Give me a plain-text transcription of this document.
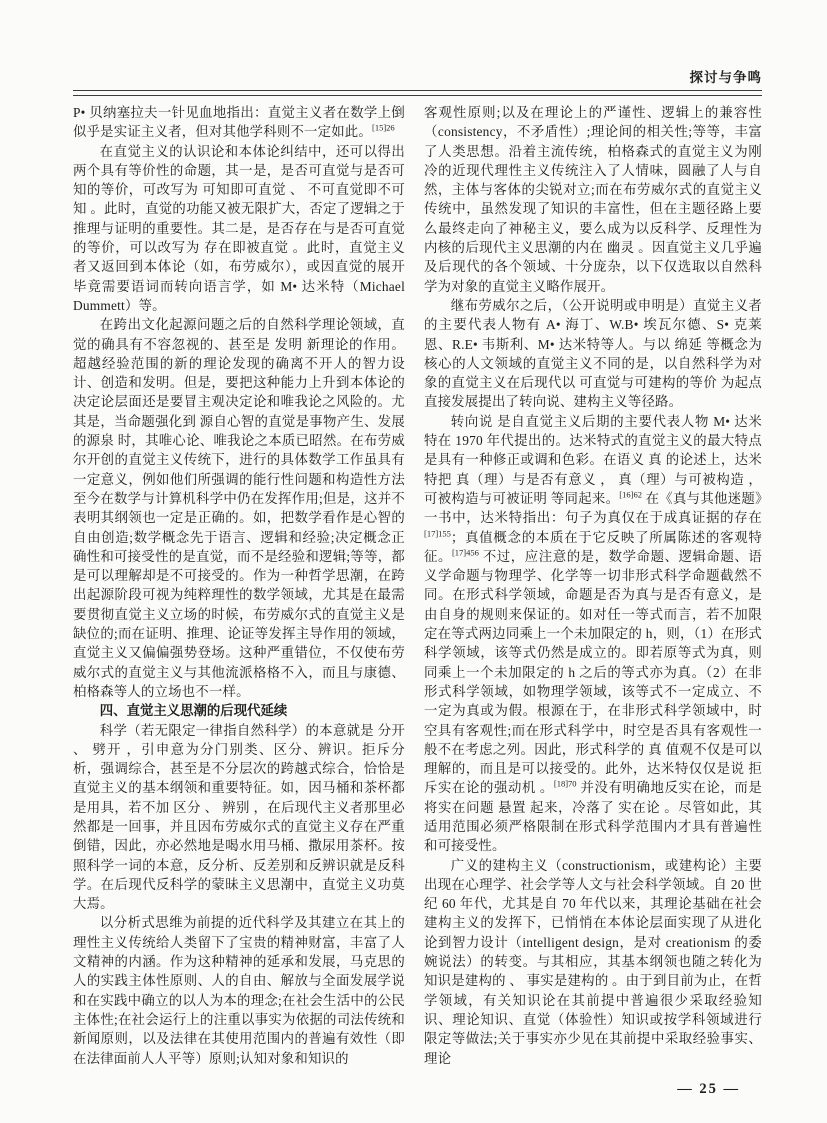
探讨与争鸣

P• 贝纳塞拉夫一针见血地指出：直觉主义者在数学上倒似乎是实证主义者，但对其他学科则不一定如此。$^{[15]26}$

在直觉主义的认识论和本体论纠结中，还可以得出两个具有等价性的命题，其一是，是否可直觉与是否可知的等价，可改写为 可知即可直觉 、 不可直觉即不可知 。此时，直觉的功能又被无限扩大，否定了逻辑之于推理与证明的重要性。其二是，是否存在与是否可直觉的等价，可以改写为 存在即被直觉 。此时，直觉主义者又返回到本体论（如，布劳威尔），或因直觉的展开毕竟需要语词而转向语言学，如 M• 达米特（Michael Dummett）等。

在跨出文化起源问题之后的自然科学理论领域，直觉的确具有不容忽视的、甚至是 发明 新理论的作用。超越经验范围的新的理论发现的确离不开人的智力设计、创造和发明。但是，要把这种能力上升到本体论的决定论层面还是要冒主观决定论和唯我论之风险的。尤其是，当命题强化到 源自心智的直觉是事物产生、发展的源泉 时，其唯心论、唯我论之本质已昭然。在布劳威尔开创的直觉主义传统下，进行的具体数学工作虽具有一定意义，例如他们所强调的能行性问题和构造性方法至今在数学与计算机科学中仍在发挥作用;但是，这并不表明其纲领也一定是正确的。如，把数学看作是心智的自由创造;数学概念先于语言、逻辑和经验;决定概念正确性和可接受性的是直觉，而不是经验和逻辑;等等，都是可以理解却是不可接受的。作为一种哲学思潮，在跨出起源阶段可视为纯粹理性的数学领域，尤其是在最需要贯彻直觉主义立场的时候，布劳威尔式的直觉主义是缺位的;而在证明、推理、论证等发挥主导作用的领域，直觉主义又偏偏强势登场。这种严重错位，不仅使布劳威尔式的直觉主义与其他流派格格不入，而且与康德、柏格森等人的立场也不一样。

四、直觉主义思潮的后现代延续

科学（若无限定一律指自然科学）的本意就是 分开 、 劈开 ，引申意为分门别类、区分、辨识。拒斥分析，强调综合，甚至是不分层次的跨越式综合，恰恰是直觉主义的基本纲领和重要特征。如，因马桶和茶杯都是用具，若不加 区分 、 辨别 ，在后现代主义者那里必然都是一回事，并且因布劳威尔式的直觉主义存在严重倒错，因此，亦必然地是喝水用马桶、撒尿用茶杯。按照科学一词的本意，反分析、反差别和反辨识就是反科学。在后现代反科学的蒙昧主义思潮中，直觉主义功莫大焉。

以分析式思维为前提的近代科学及其建立在其上的理性主义传统给人类留下了宝贵的精神财富，丰富了人文精神的内涵。作为这种精神的延承和发展，马克思的人的实践主体性原则、人的自由、解放与全面发展学说和在实践中确立的以人为本的理念;在社会生活中的公民主体性;在社会运行上的注重以事实为依据的司法传统和新闻原则，以及法律在其使用范围内的普遍有效性（即在法律面前人人平等）原则;认知对象和知识的

客观性原则;以及在理论上的严谨性、逻辑上的兼容性（consistency，不矛盾性）;理论间的相关性;等等，丰富了人类思想。沿着主流传统，柏格森式的直觉主义为刚冷的近现代理性主义传统注入了人情味，圆融了人与自然，主体与客体的尖锐对立;而在布劳威尔式的直觉主义传统中，虽然发现了知识的丰富性，但在主题径路上要么最终走向了神秘主义，要么成为以反科学、反理性为内核的后现代主义思潮的内在 幽灵 。因直觉主义几乎遍及后现代的各个领域、十分庞杂，以下仅选取以自然科学为对象的直觉主义略作展开。

继布劳威尔之后，（公开说明或申明是）直觉主义者的主要代表人物有 A• 海丁、W.B• 埃瓦尔德、S• 克莱恩、R.E• 韦斯利、M• 达米特等人。与以 绵延 等概念为核心的人文领域的直觉主义不同的是，以自然科学为对象的直觉主义在后现代以 可直觉与可建构的等价 为起点直接发展提出了转向说、建构主义等径路。

转向说 是自直觉主义后期的主要代表人物 M• 达米特在 1970 年代提出的。达米特式的直觉主义的最大特点是具有一种修正或调和色彩。在语义 真 的论述上，达米特把 真（理）与是否有意义 ， 真（理）与可被构造 ， 可被构造与可被证明 等同起来。$^{[16]62}$ 在《真与其他迷题》一书中，达米特指出：句子为真仅在于成真证据的存在 $^{[17]155}$；真值概念的本质在于它反映了所属陈述的客观特征。$^{[17]456}$ 不过，应注意的是，数学命题、逻辑命题、语义学命题与物理学、化学等一切非形式科学命题截然不同。在形式科学领域，命题是否为真与是否有意义，是由自身的规则来保证的。如对任一等式而言，若不加限定在等式两边同乘上一个未加限定的 h，则，（1）在形式科学领域，该等式仍然是成立的。即若原等式为真，则同乘上一个未加限定的 h 之后的等式亦为真。（2）在非形式科学领域，如物理学领域，该等式不一定成立、不一定为真或为假。根源在于，在非形式科学领域中，时空具有客观性;而在形式科学中，时空是否具有客观性一般不在考虑之列。因此，形式科学的 真 值观不仅是可以理解的，而且是可以接受的。此外，达米特仅仅是说 拒斥实在论的强动机 。$^{[18]70}$ 并没有明确地反实在论，而是将实在问题 悬置 起来，冷落了 实在论 。尽管如此，其适用范围必须严格限制在形式科学范围内才具有普遍性和可接受性。

广义的建构主义（constructionism，或建构论）主要出现在心理学、社会学等人文与社会科学领域。自 20 世纪 60 年代，尤其是自 70 年代以来，其理论基础在社会建构主义的发挥下，已悄悄在本体论层面实现了从进化论到智力设计（intelligent design，是对 creationism 的委婉说法）的转变。与其相应，其基本纲领也随之转化为 知识是建构的 、 事实是建构的 。由于到目前为止，在哲学领域，有关知识论在其前提中普遍很少采取经验知识、理论知识、直觉（体验性）知识或按学科领域进行限定等做法;关于事实亦少见在其前提中采取经验事实、理论

— 25 —
